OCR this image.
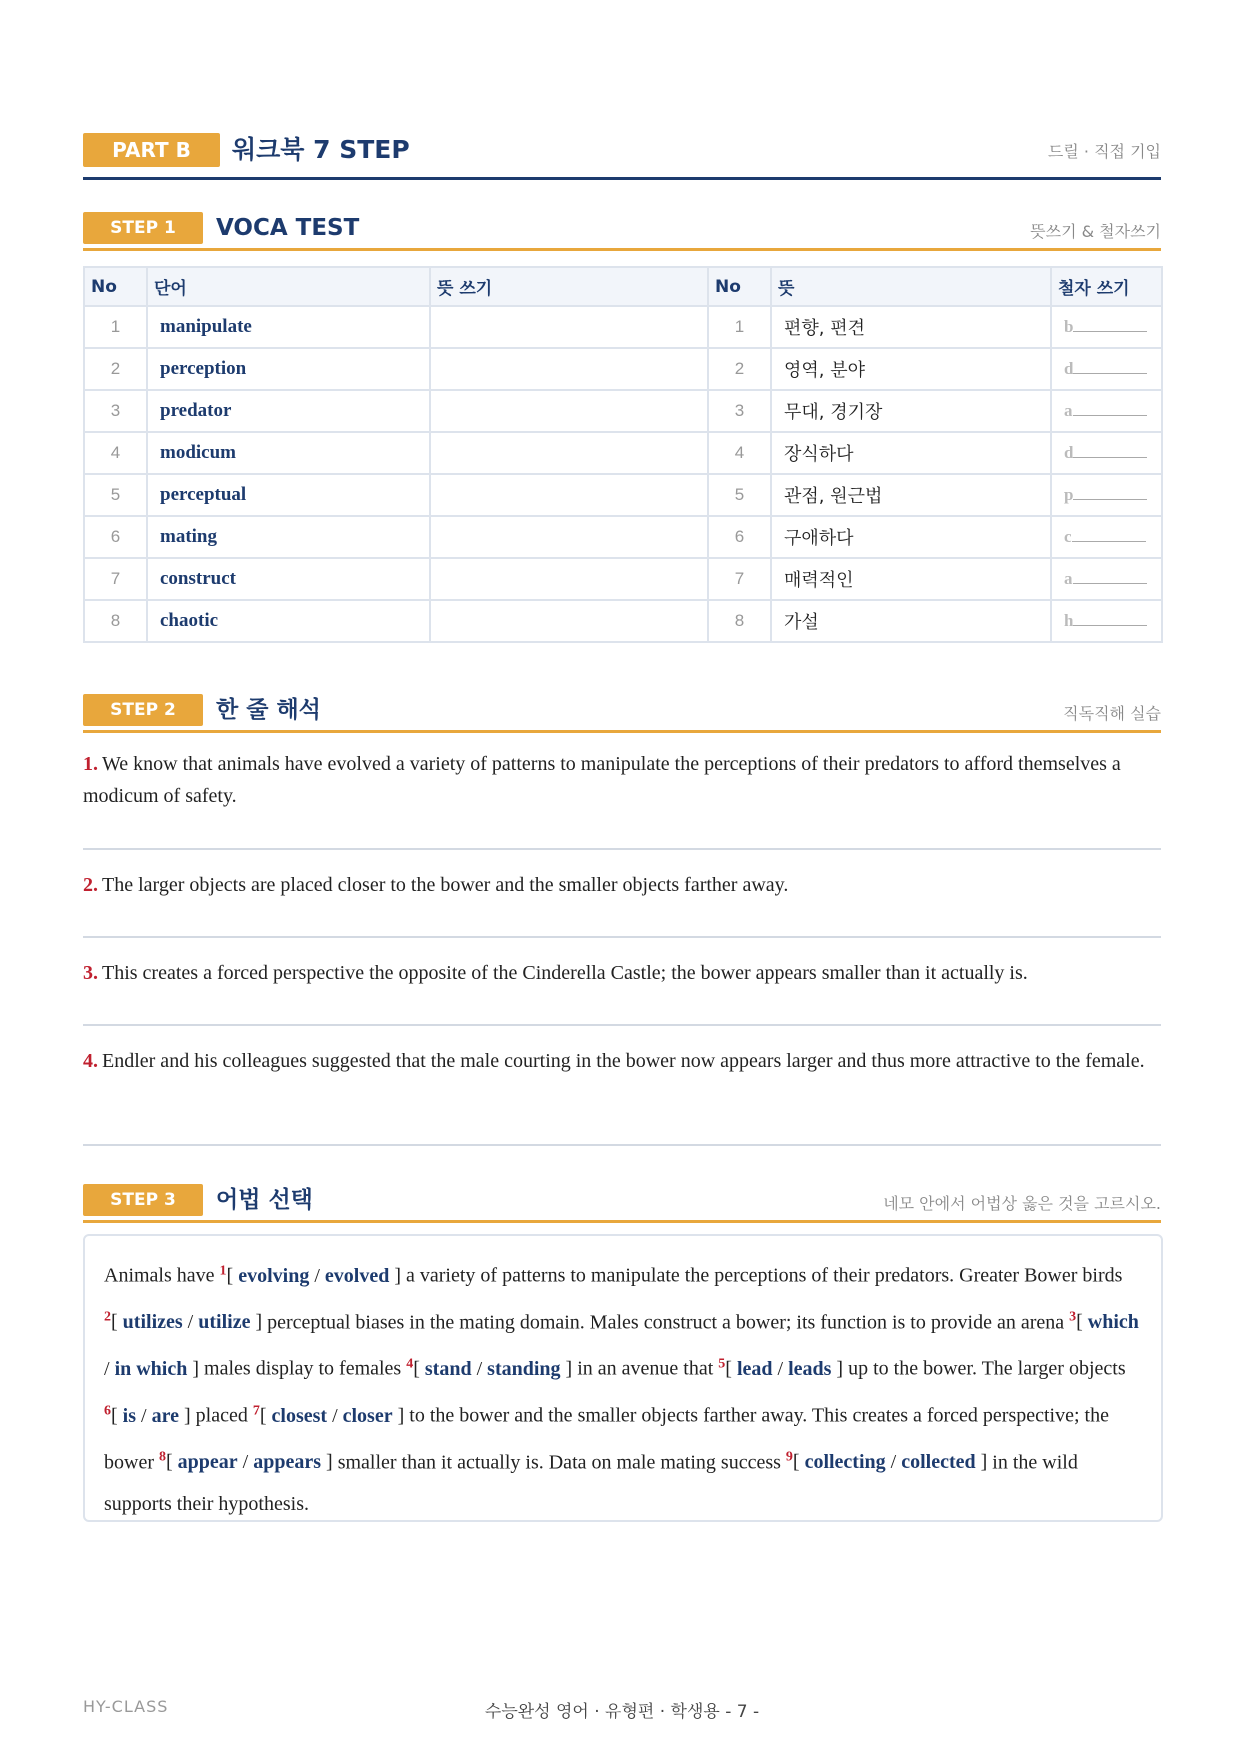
PART B	워크북 7 STEP	드릴 · 직접 기입
STEP 1	VOCA TEST	뜻쓰기 & 철자쓰기
No	단어	뜻 쓰기	No	뜻	철자 쓰기
1	manipulate		1	편향, 편견	b
2	perception		2	영역, 분야	d
3	predator		3	무대, 경기장	a
4	modicum		4	장식하다	d
5	perceptual		5	관점, 원근법	p
6	mating		6	구애하다	c
7	construct		7	매력적인	a
8	chaotic		8	가설	h
STEP 2	한 줄 해석	직독직해 실습
1. We know that animals have evolved a variety of patterns to manipulate the perceptions of their predators to afford themselves a modicum of safety.
2. The larger objects are placed closer to the bower and the smaller objects farther away.
3. This creates a forced perspective the opposite of the Cinderella Castle; the bower appears smaller than it actually is.
4. Endler and his colleagues suggested that the male courting in the bower now appears larger and thus more attractive to the female.
STEP 3	어법 선택	네모 안에서 어법상 옳은 것을 고르시오.
Animals have $^1$[ evolving / evolved ] a variety of patterns to manipulate the perceptions of their predators. Greater Bower birds $^2$[ utilizes / utilize ] perceptual biases in the mating domain. Males construct a bower; its function is to provide an arena $^3$[ which / in which ] males display to females $^4$[ stand / standing ] in an avenue that $^5$[ lead / leads ] up to the bower. The larger objects $^6$[ is / are ] placed $^7$[ closest / closer ] to the bower and the smaller objects farther away. This creates a forced perspective; the bower $^8$[ appear / appears ] smaller than it actually is. Data on male mating success $^9$[ collecting / collected ] in the wild supports their hypothesis.
수능완성 영어 · 유형편 · 학생용 - 7 -
HY-CLASS
